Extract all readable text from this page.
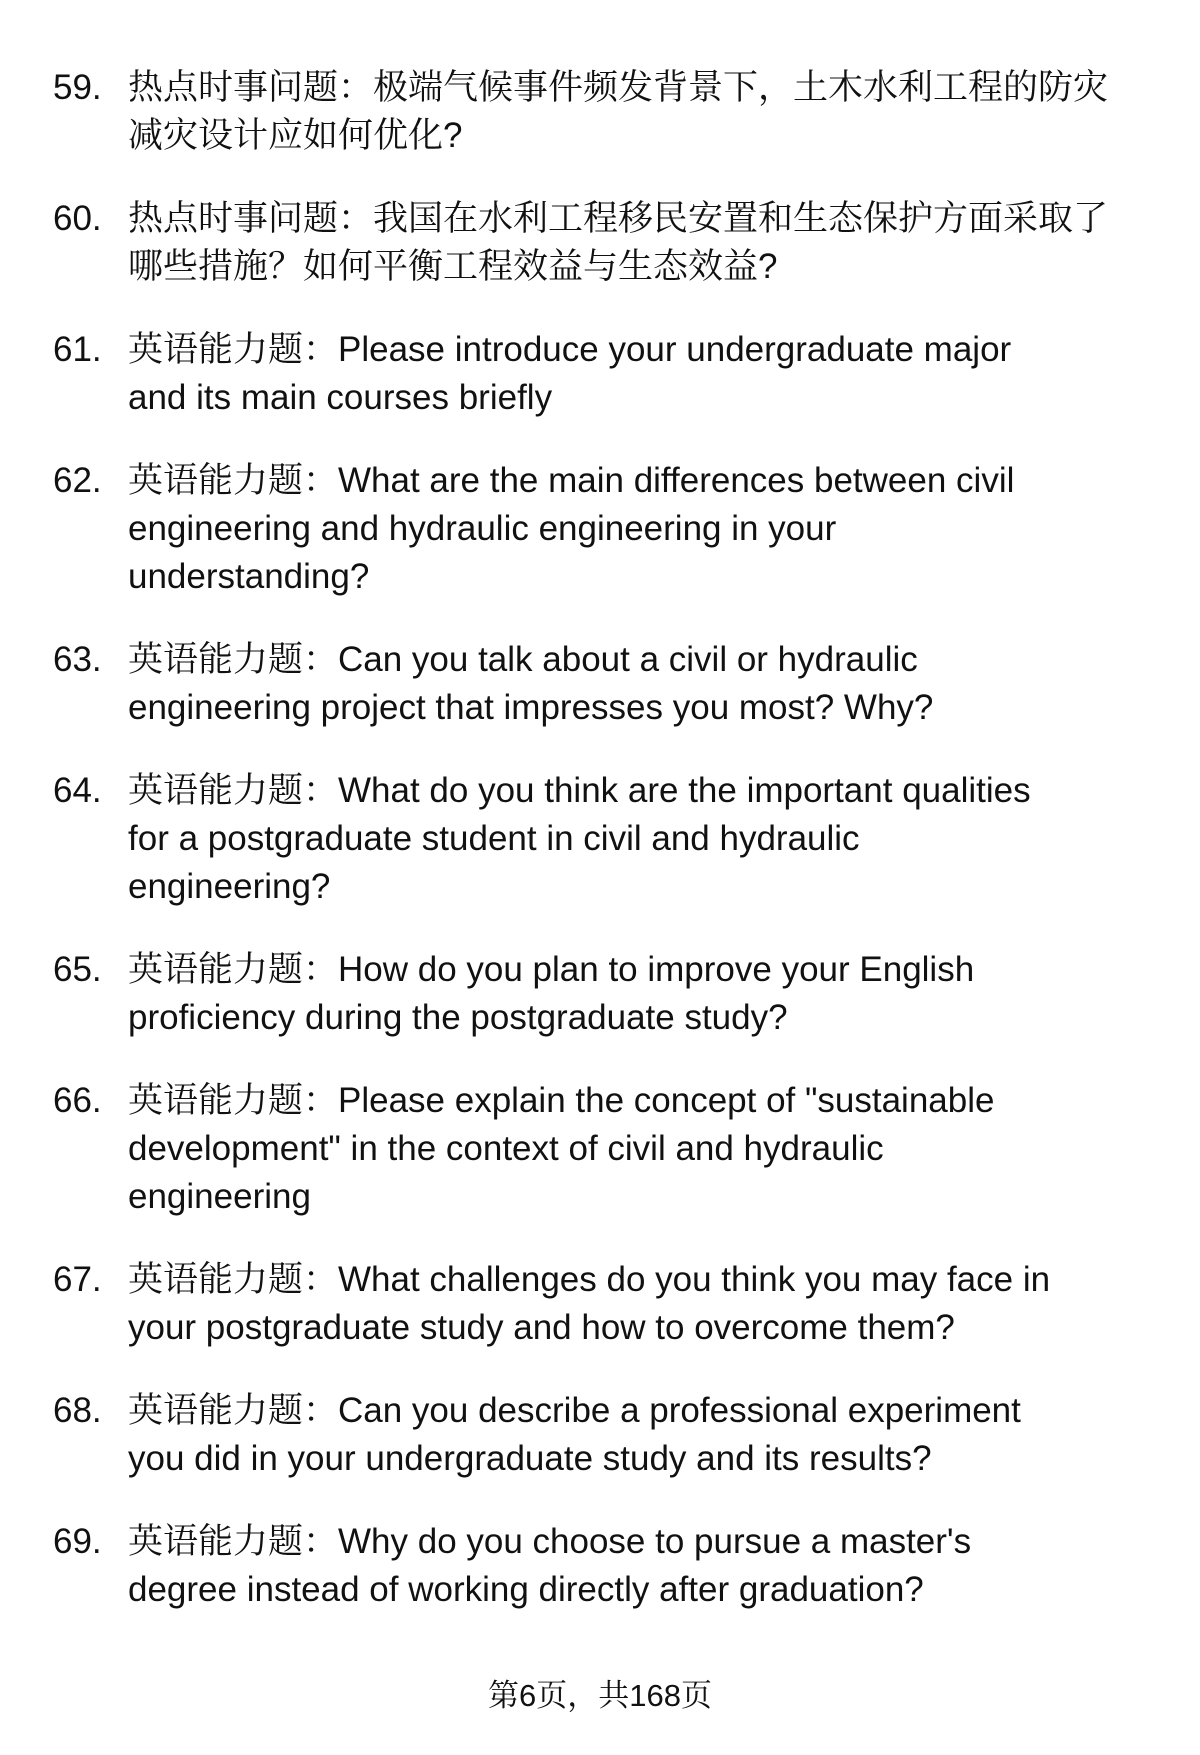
59. 热点时事问题：极端气候事件频发背景下，土木水利工程的防灾
减灾设计应如何优化?
60. 热点时事问题：我国在水利工程移民安置和生态保护方面采取了
哪些措施？如何平衡工程效益与生态效益?
61. 英语能力题：Please introduce your undergraduate major
and its main courses briefly
62. 英语能力题：What are the main differences between civil
engineering and hydraulic engineering in your
understanding?
63. 英语能力题：Can you talk about a civil or hydraulic
engineering project that impresses you most? Why?
64. 英语能力题：What do you think are the important qualities
for a postgraduate student in civil and hydraulic
engineering?
65. 英语能力题：How do you plan to improve your English
proficiency during the postgraduate study?
66. 英语能力题：Please explain the concept of "sustainable
development" in the context of civil and hydraulic
engineering
67. 英语能力题：What challenges do you think you may face in
your postgraduate study and how to overcome them?
68. 英语能力题：Can you describe a professional experiment
you did in your undergraduate study and its results?
69. 英语能力题：Why do you choose to pursue a master's
degree instead of working directly after graduation?
第6页，共168页
